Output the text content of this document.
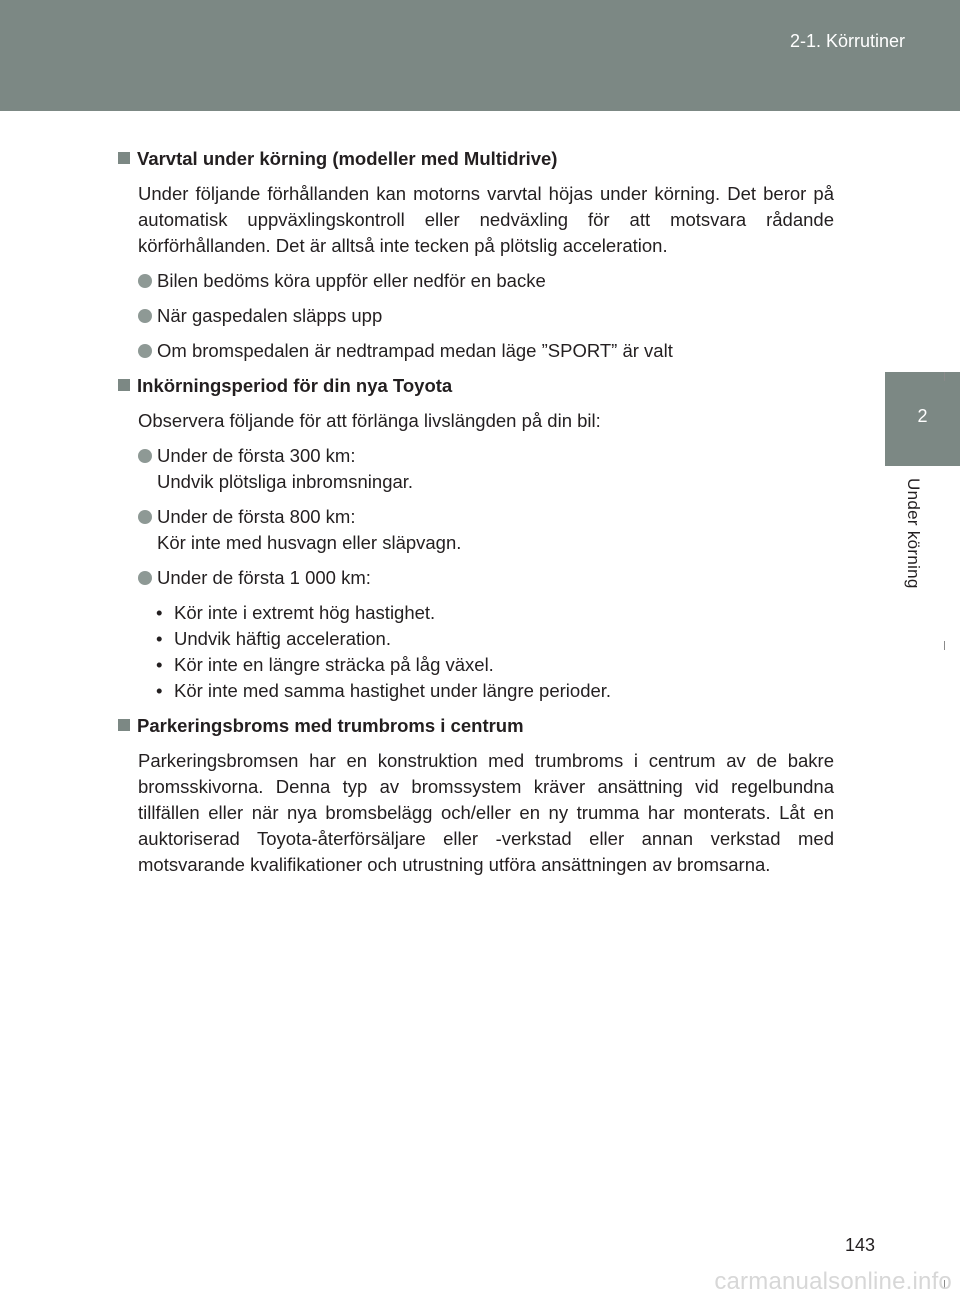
2-1. Körrutiner
2
Under körning
Varvtal under körning (modeller med Multidrive)
Under följande förhållanden kan motorns varvtal höjas under körning. Det beror på automatisk uppväxlingskontroll eller nedväxling för att motsvara rådande körförhållanden. Det är alltså inte tecken på plötslig acceleration.
Bilen bedöms köra uppför eller nedför en backe
När gaspedalen släpps upp
Om bromspedalen är nedtrampad medan läge ”SPORT” är valt
Inkörningsperiod för din nya Toyota
Observera följande för att förlänga livslängden på din bil:
Under de första 300 km:
Undvik plötsliga inbromsningar.
Under de första 800 km:
Kör inte med husvagn eller släpvagn.
Under de första 1 000 km:
• Kör inte i extremt hög hastighet.
• Undvik häftig acceleration.
• Kör inte en längre sträcka på låg växel.
• Kör inte med samma hastighet under längre perioder.
Parkeringsbroms med trumbroms i centrum
Parkeringsbromsen har en konstruktion med trumbroms i centrum av de bakre bromsskivorna. Denna typ av bromssystem kräver ansättning vid regelbundna tillfällen eller när nya bromsbelägg och/eller en ny trumma har monterats. Låt en auktoriserad Toyota-återförsäljare eller -verkstad eller annan verkstad med motsvarande kvalifikationer och utrustning utföra ansättningen av bromsarna.
143
carmanualsonline.info
